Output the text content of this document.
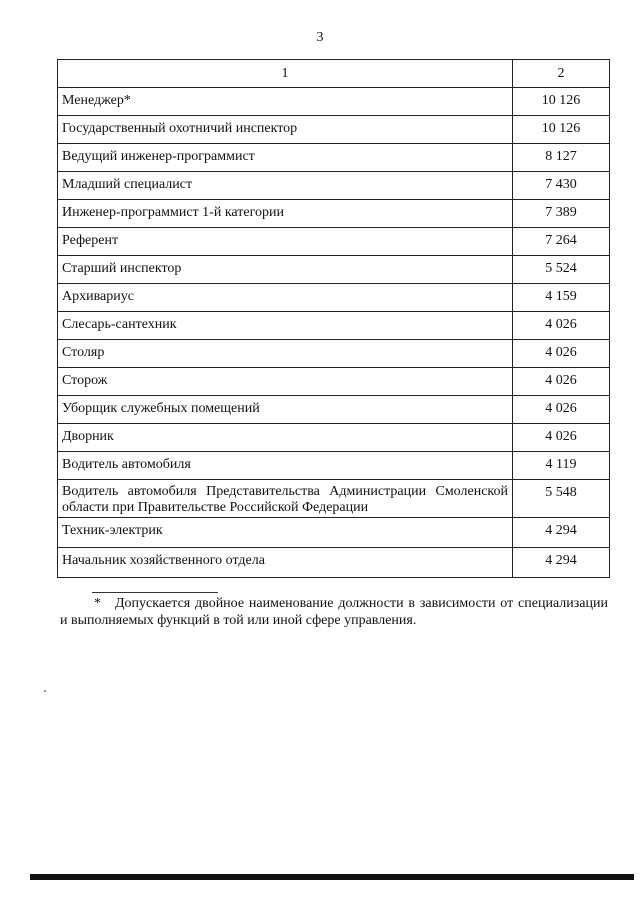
3
1	2
Менеджер*	10 126
Государственный охотничий инспектор	10 126
Ведущий инженер-программист	8 127
Младший специалист	7 430
Инженер-программист 1-й категории	7 389
Референт	7 264
Старший инспектор	5 524
Архивариус	4 159
Слесарь-сантехник	4 026
Столяр	4 026
Сторож	4 026
Уборщик служебных помещений	4 026
Дворник	4 026
Водитель автомобиля	4 119
Водитель автомобиля Представительства Администрации Смоленской области при Правительстве Российской Федерации	5 548
Техник-электрик	4 294
Начальник хозяйственного отдела	4 294
* Допускается двойное наименование должности в зависимости от специализации и выполняемых функций в той или иной сфере управления.
